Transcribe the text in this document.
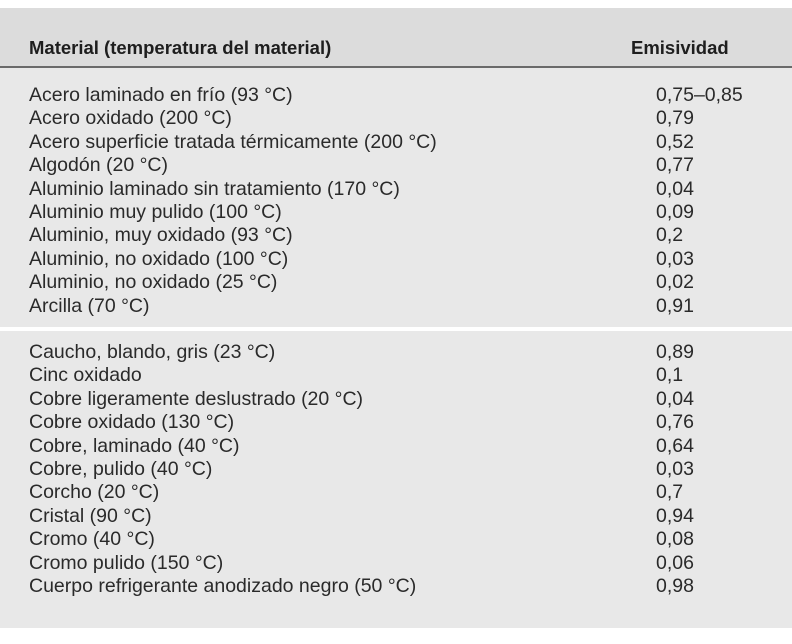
Material (temperatura del material)	Emisividad
Acero laminado en frío (93 °C)	0,75–0,85
Acero oxidado (200 °C)	0,79
Acero superficie tratada térmicamente (200 °C)	0,52
Algodón (20 °C)	0,77
Aluminio laminado sin tratamiento (170 °C)	0,04
Aluminio muy pulido (100 °C)	0,09
Aluminio, muy oxidado (93 °C)	0,2
Aluminio, no oxidado (100 °C)	0,03
Aluminio, no oxidado (25 °C)	0,02
Arcilla (70 °C)	0,91
Caucho, blando, gris (23 °C)	0,89
Cinc oxidado	0,1
Cobre ligeramente deslustrado (20 °C)	0,04
Cobre oxidado (130 °C)	0,76
Cobre, laminado (40 °C)	0,64
Cobre, pulido (40 °C)	0,03
Corcho (20 °C)	0,7
Cristal (90 °C)	0,94
Cromo (40 °C)	0,08
Cromo pulido (150 °C)	0,06
Cuerpo refrigerante anodizado negro (50 °C)	0,98
